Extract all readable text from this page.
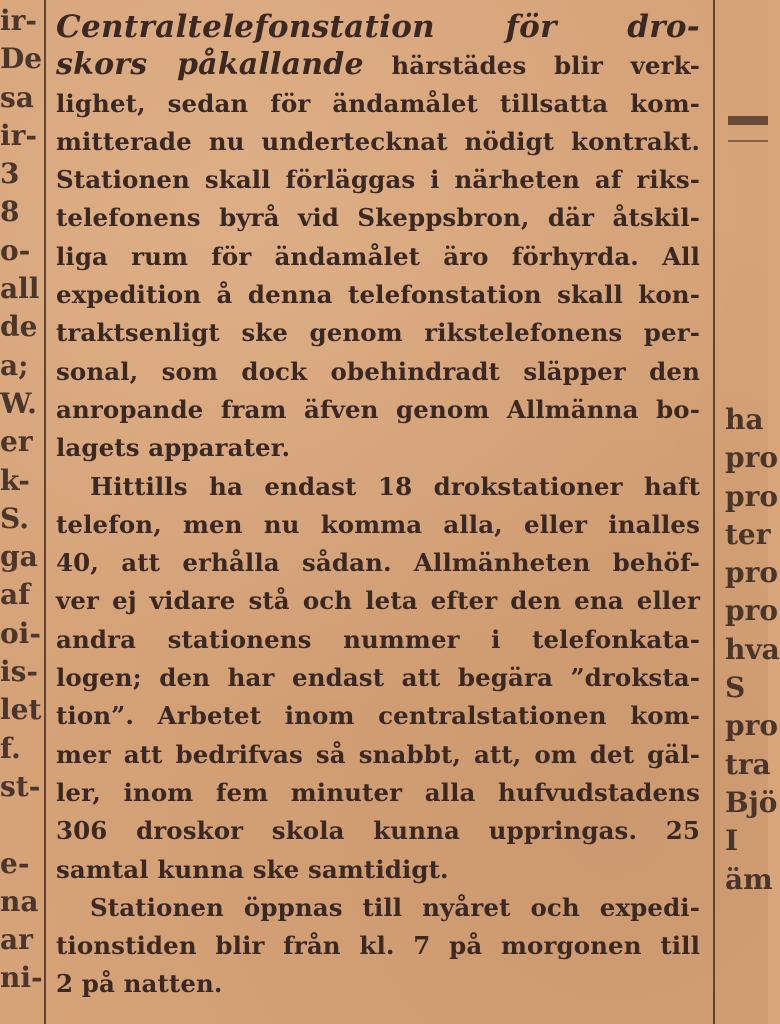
ir-
De
sa
ir-
3
8
o-
all
de
a;
W.
er
k-
S.
ga
af
oi-
is-
let
f.
st-
e-
na
ar
ni-
Centraltelefonstation för dro-
skors påkallande härstädes blir verk-
lighet, sedan för ändamålet tillsatta kom-
mitterade nu undertecknat nödigt kontrakt.
Stationen skall förläggas i närheten af riks-
telefonens byrå vid Skeppsbron, där åtskil-
liga rum för ändamålet äro förhyrda. All
expedition å denna telefonstation skall kon-
traktsenligt ske genom rikstelefonens per-
sonal, som dock obehindradt släpper den
anropande fram äfven genom Allmänna bo-
lagets apparater.
Hittills ha endast 18 drokstationer haft
telefon, men nu komma alla, eller inalles
40, att erhålla sådan. Allmänheten behöf-
ver ej vidare stå och leta efter den ena eller
andra stationens nummer i telefonkata-
logen; den har endast att begära ”droksta-
tion”. Arbetet inom centralstationen kom-
mer att bedrifvas så snabbt, att, om det gäl-
ler, inom fem minuter alla hufvudstadens
306 droskor skola kunna uppringas. 25
samtal kunna ske samtidigt.
Stationen öppnas till nyåret och expedi-
tionstiden blir från kl. 7 på morgonen till
2 på natten.
ha
pro
pro
ter
pro
pro
hva
S
pro
tra
Bjö
I
äm
